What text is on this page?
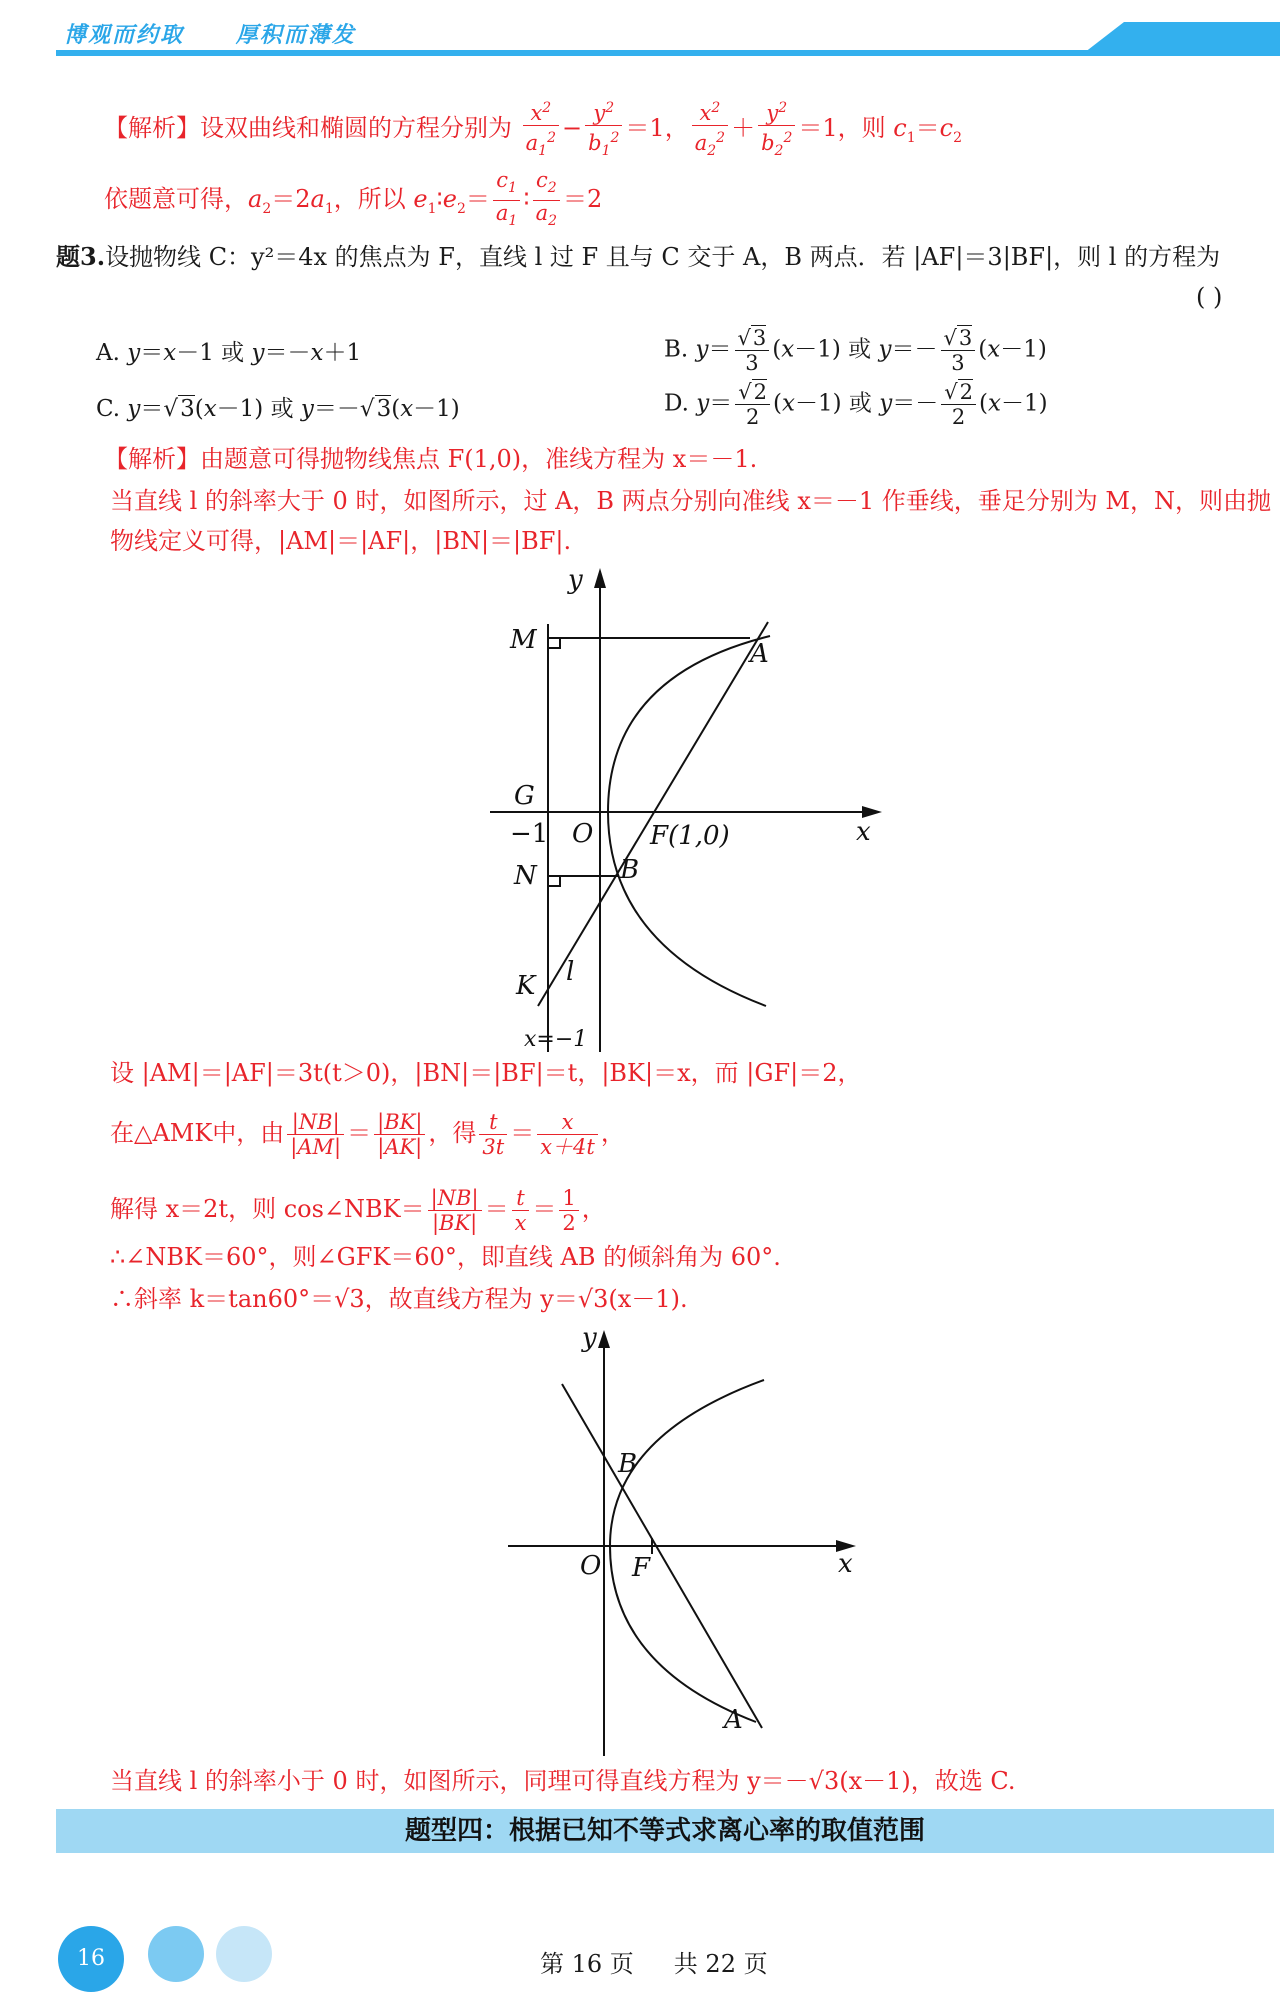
博观而约取 厚积而薄发
【解析】设双曲线和椭圆的方程分别为 $\frac{x^2}{a_1^2} - \frac{y^2}{b_1^2} =1$， $\frac{x^2}{a_2^2} + \frac{y^2}{b_2^2} =1$，则 $c_1=c_2$
依题意可得，$a_2=2a_1$，所以 $e_1∶e_2= \frac{c_1}{a_1}$ ∶ $\frac{c_2}{a_2} =2$
题3.设抛物线 C：y²＝4x 的焦点为 F，直线 l 过 F 且与 C 交于 A，B 两点．若 |AF|＝3|BF|，则 l 的方程为
( )
A. y＝x－1 或 y＝－x＋1	B. $y= \frac{√3}{3} (x-1)$ 或 $y=- \frac{√3}{3} (x-1)$
C. y＝√3(x－1) 或 y＝－√3(x－1)	D. $y= \frac{√2}{2} (x-1)$ 或 $y=- \frac{√2}{2} (x-1)$
【解析】由题意可得抛物线焦点 F(1,0)，准线方程为 x＝－1.
当直线 l 的斜率大于 0 时，如图所示，过 A，B 两点分别向准线 x＝－1 作垂线，垂足分别为 M，N，则由抛
物线定义可得，|AM|＝|AF|，|BN|＝|BF|.
y
x
M	A
G
O F(1,0)
−1
N	B
K l
x=−1
设 |AM|＝|AF|＝3t(t＞0)，|BN|＝|BF|＝t，|BK|＝x，而 |GF|＝2，
在△AMK中，由 $\frac{|NB|}{|AM|} = \frac{|BK|}{|AK|}$ ，得 $\frac{t}{3t} = \frac{x}{x+4t}$ ，
解得 x＝2t，则 cos∠NBK＝ $\frac{|NB|}{|BK|} = \frac{t}{x} = \frac{1}{2}$ ，
∴∠NBK＝60°，则∠GFK＝60°，即直线 AB 的倾斜角为 60°.
∴斜率 k＝tan60°＝√3，故直线方程为 y＝√3(x－1).
y
x
O F
B
A
当直线 l 的斜率小于 0 时，如图所示，同理可得直线方程为 y＝－√3(x－1)，故选 C.
题型四：根据已知不等式求离心率的取值范围
16	第 16 页 共 22 页
